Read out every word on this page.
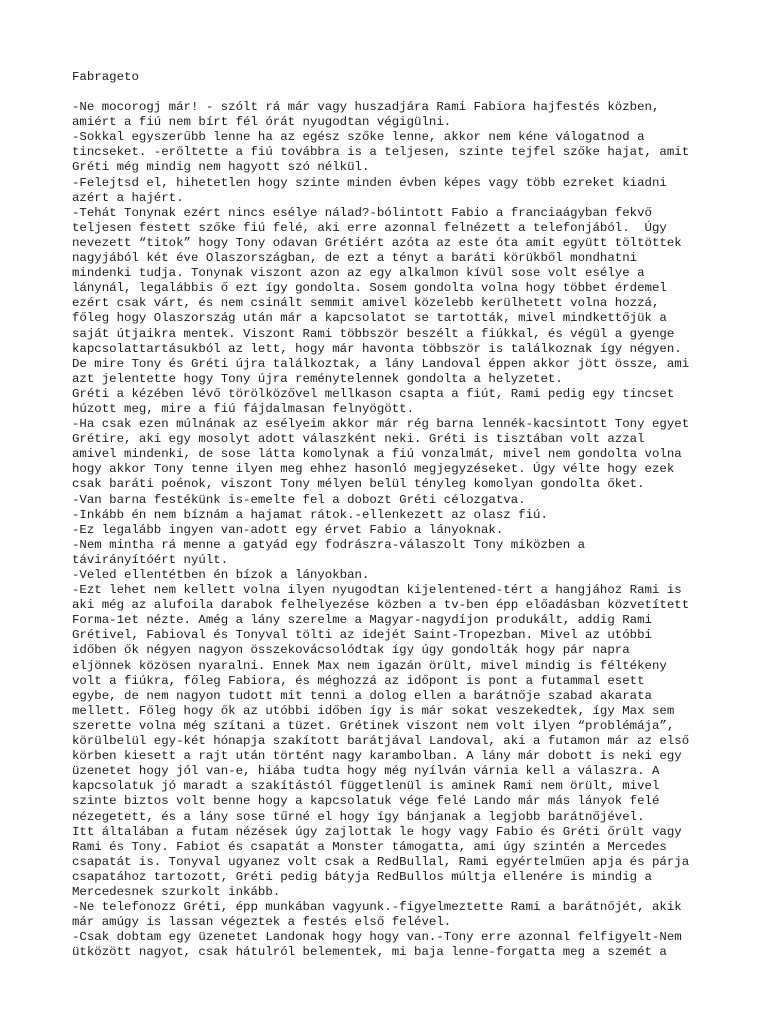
Fabrageto
-Ne mocorogj már! - szólt rá már vagy huszadjára Rami Fabiora hajfestés közben,
amiért a fiú nem bírt fél órát nyugodtan végigülni.
-Sokkal egyszerűbb lenne ha az egész szőke lenne, akkor nem kéne válogatnod a
tincseket. -erőltette a fiú továbbra is a teljesen, szinte tejfel szőke hajat, amit
Gréti még mindig nem hagyott szó nélkül.
-Felejtsd el, hihetetlen hogy szinte minden évben képes vagy több ezreket kiadni
azért a hajért.
-Tehát Tonynak ezért nincs esélye nálad?-bólintott Fabio a franciaágyban fekvő
teljesen festett szőke fiú felé, aki erre azonnal felnézett a telefonjából.  Úgy
nevezett “titok” hogy Tony odavan Grétiért azóta az este óta amit együtt töltöttek
nagyjából két éve Olaszországban, de ezt a tényt a baráti körükből mondhatni
mindenki tudja. Tonynak viszont azon az egy alkalmon kívül sose volt esélye a
lánynál, legalábbis ő ezt így gondolta. Sosem gondolta volna hogy többet érdemel
ezért csak várt, és nem csinált semmit amivel közelebb kerülhetett volna hozzá,
főleg hogy Olaszország után már a kapcsolatot se tartották, mivel mindkettőjük a
saját útjaikra mentek. Viszont Rami többször beszélt a fiúkkal, és végül a gyenge
kapcsolattartásukból az lett, hogy már havonta többször is találkoznak így négyen.
De mire Tony és Gréti újra találkoztak, a lány Landoval éppen akkor jött össze, ami
azt jelentette hogy Tony újra reménytelennek gondolta a helyzetet.
Gréti a kézében lévő törölközővel mellkason csapta a fiút, Rami pedig egy tincset
húzott meg, mire a fiú fájdalmasan felnyögött.
-Ha csak ezen múlnának az esélyeim akkor már rég barna lennék-kacsintott Tony egyet
Grétire, aki egy mosolyt adott válaszként neki. Gréti is tisztában volt azzal
amivel mindenki, de sose látta komolynak a fiú vonzalmát, mivel nem gondolta volna
hogy akkor Tony tenne ilyen meg ehhez hasonló megjegyzéseket. Úgy vélte hogy ezek
csak baráti poénok, viszont Tony mélyen belül tényleg komolyan gondolta őket.
-Van barna festékünk is-emelte fel a dobozt Gréti célozgatva.
-Inkább én nem bíznám a hajamat rátok.-ellenkezett az olasz fiú.
-Ez legalább ingyen van-adott egy érvet Fabio a lányoknak.
-Nem mintha rá menne a gatyád egy fodrászra-válaszolt Tony miközben a
távirányítóért nyúlt.
-Veled ellentétben én bízok a lányokban.
-Ezt lehet nem kellett volna ilyen nyugodtan kijelentened-tért a hangjához Rami is
aki még az alufoila darabok felhelyezése közben a tv-ben épp előadásban közvetített
Forma-1et nézte. Amég a lány szerelme a Magyar-nagydíjon produkált, addig Rami
Grétivel, Fabioval és Tonyval tölti az idejét Saint-Tropezban. Mivel az utóbbi
időben ők négyen nagyon összekovácsolódtak így úgy gondolták hogy pár napra
eljönnek közösen nyaralni. Ennek Max nem igazán örült, mivel mindig is féltékeny
volt a fiúkra, főleg Fabiora, és méghozzá az időpont is pont a futammal esett
egybe, de nem nagyon tudott mit tenni a dolog ellen a barátnője szabad akarata
mellett. Főleg hogy ők az utóbbi időben így is már sokat veszekedtek, így Max sem
szerette volna még szítani a tüzet. Grétinek viszont nem volt ilyen “problémája”,
körülbelül egy-két hónapja szakított barátjával Landoval, aki a futamon már az első
körben kiesett a rajt után történt nagy karambolban. A lány már dobott is neki egy
üzenetet hogy jól van-e, hiába tudta hogy még nyílván várnia kell a válaszra. A
kapcsolatuk jó maradt a szakítástól függetlenül is aminek Rami nem örült, mivel
szinte biztos volt benne hogy a kapcsolatuk vége felé Lando már más lányok felé
nézegetett, és a lány sose tűrné el hogy így bánjanak a legjobb barátnőjével.
Itt általában a futam nézések úgy zajlottak le hogy vagy Fabio és Gréti őrült vagy
Rami és Tony. Fabiot és csapatát a Monster támogatta, ami úgy szintén a Mercedes
csapatát is. Tonyval ugyanez volt csak a RedBullal, Rami egyértelműen apja és párja
csapatához tartozott, Gréti pedig bátyja RedBullos múltja ellenére is mindig a
Mercedesnek szurkolt inkább.
-Ne telefonozz Gréti, épp munkában vagyunk.-figyelmeztette Rami a barátnőjét, akik
már amúgy is lassan végeztek a festés első felével.
-Csak dobtam egy üzenetet Landonak hogy hogy van.-Tony erre azonnal felfigyelt-Nem
ütközött nagyot, csak hátulról belementek, mi baja lenne-forgatta meg a szemét a
